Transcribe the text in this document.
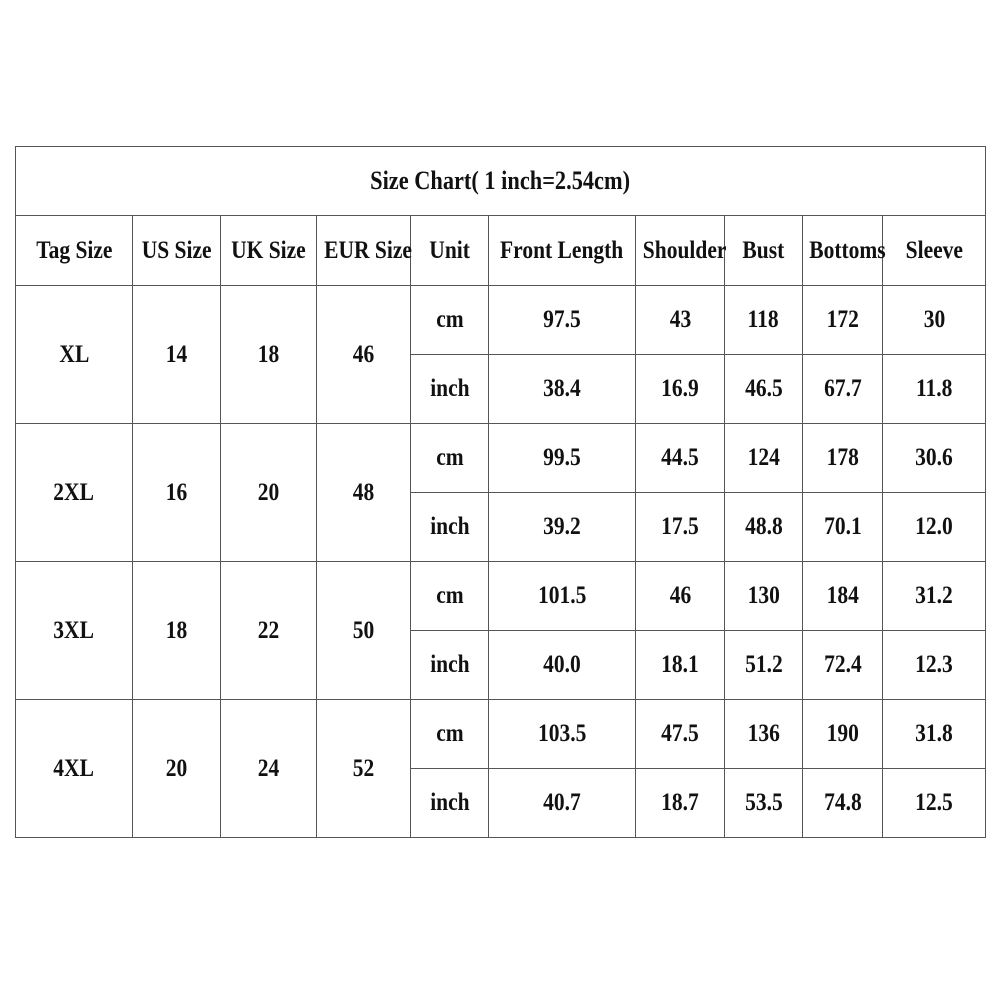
Size Chart( 1 inch=2.54cm)									
Tag Size	US Size	UK Size	EUR Size	Unit	Front Length	Shoulder	Bust	Bottoms	Sleeve
XL	14	18	46	cm	97.5	43	118	172	30
				inch	38.4	16.9	46.5	67.7	11.8
2XL	16	20	48	cm	99.5	44.5	124	178	30.6
				inch	39.2	17.5	48.8	70.1	12.0
3XL	18	22	50	cm	101.5	46	130	184	31.2
				inch	40.0	18.1	51.2	72.4	12.3
4XL	20	24	52	cm	103.5	47.5	136	190	31.8
				inch	40.7	18.7	53.5	74.8	12.5
